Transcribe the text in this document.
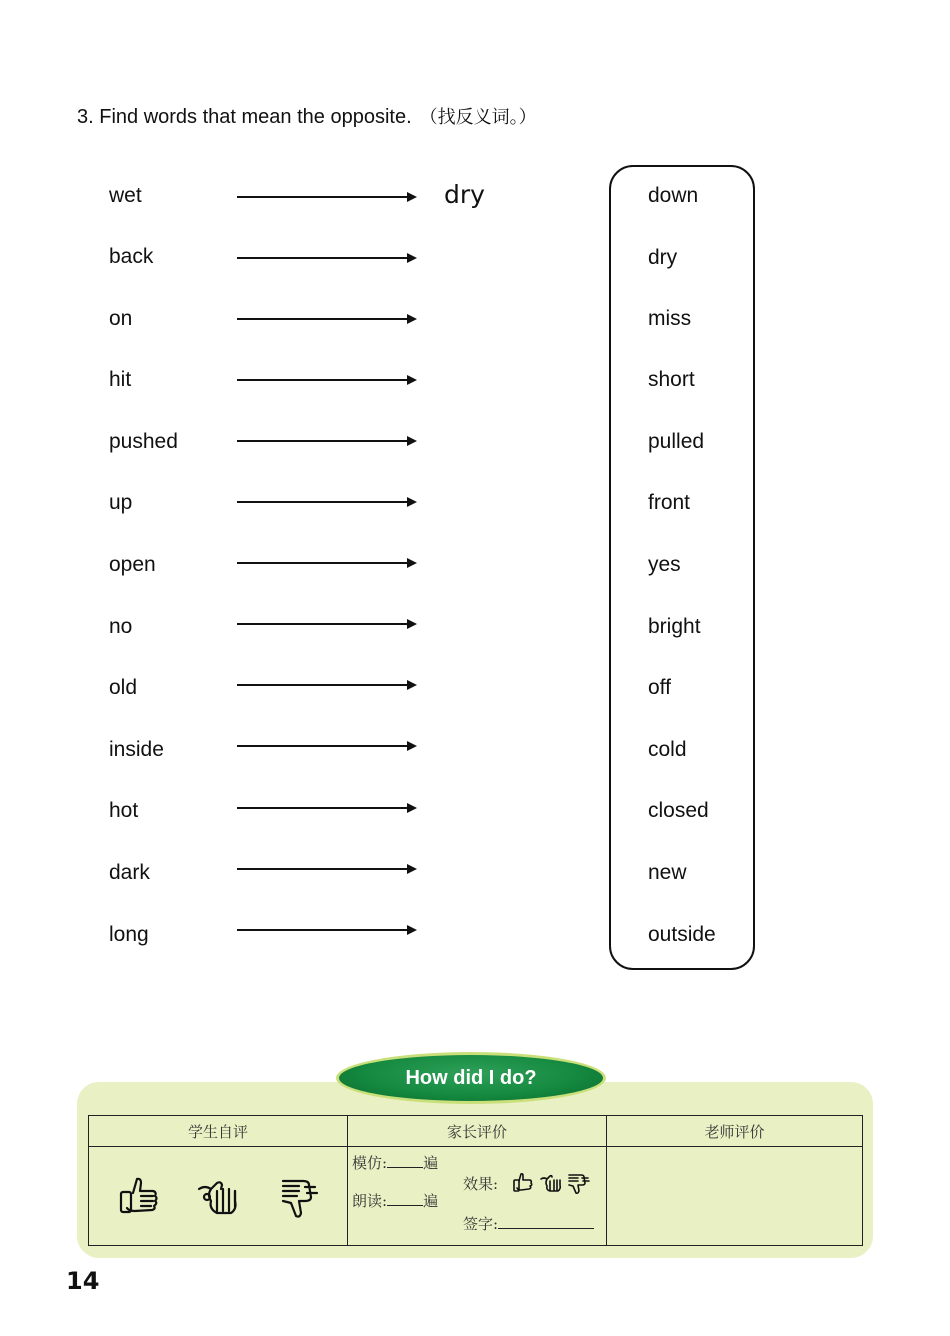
3. Find words that mean the opposite. （找反义词。）
wet
back
on
hit
pushed
up
open
no
old
inside
hot
dark
long
dry	down
dry
miss
short
pulled
front
yes
bright
off
cold
closed
new
outside
How did I do?
学生自评	家长评价	老师评价

模仿: 遍
朗读: 遍
效果:
签字:	

14
